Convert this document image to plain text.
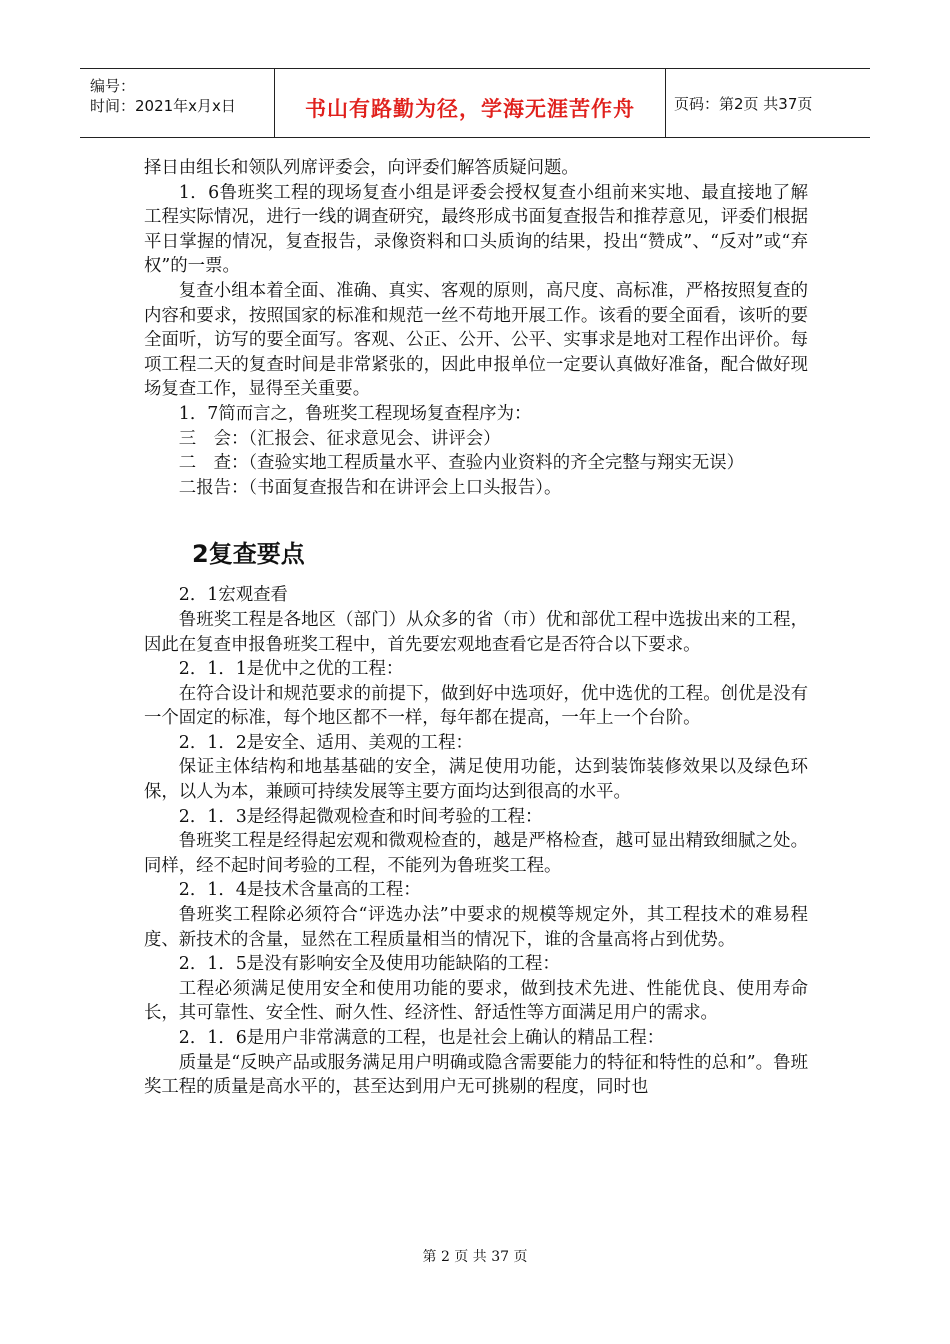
编号：
时间：2021年x月x日	书山有路勤为径，学海无涯苦作舟	页码：第2页 共37页

择日由组长和领队列席评委会，向评委们解答质疑问题。

1．6鲁班奖工程的现场复查小组是评委会授权复查小组前来实地、最直接地了解工程实际情况，进行一线的调查研究，最终形成书面复查报告和推荐意见，评委们根据平日掌握的情况，复查报告，录像资料和口头质询的结果，投出“赞成”、“反对”或“弃权”的一票。

复查小组本着全面、准确、真实、客观的原则，高尺度、高标准，严格按照复查的内容和要求，按照国家的标准和规范一丝不苟地开展工作。该看的要全面看，该听的要全面听，访写的要全面写。客观、公正、公开、公平、实事求是地对工程作出评价。每项工程二天的复查时间是非常紧张的，因此申报单位一定要认真做好准备，配合做好现场复查工作，显得至关重要。

1．7简而言之，鲁班奖工程现场复查程序为：

三　会：（汇报会、征求意见会、讲评会）

二　查：（查验实地工程质量水平、查验内业资料的齐全完整与翔实无误）

二报告：（书面复查报告和在讲评会上口头报告）。

2复查要点

2．1宏观查看

鲁班奖工程是各地区（部门）从众多的省（市）优和部优工程中选拔出来的工程，因此在复查申报鲁班奖工程中，首先要宏观地查看它是否符合以下要求。

2．1．1是优中之优的工程：

在符合设计和规范要求的前提下，做到好中选项好，优中选优的工程。创优是没有一个固定的标准，每个地区都不一样，每年都在提高，一年上一个台阶。

2．1．2是安全、适用、美观的工程：

保证主体结构和地基基础的安全，满足使用功能，达到装饰装修效果以及绿色环保，以人为本，兼顾可持续发展等主要方面均达到很高的水平。

2．1．3是经得起微观检查和时间考验的工程：

鲁班奖工程是经得起宏观和微观检查的，越是严格检查，越可显出精致细腻之处。同样，经不起时间考验的工程，不能列为鲁班奖工程。

2．1．4是技术含量高的工程：

鲁班奖工程除必须符合“评选办法”中要求的规模等规定外，其工程技术的难易程度、新技术的含量，显然在工程质量相当的情况下，谁的含量高将占到优势。

2．1．5是没有影响安全及使用功能缺陷的工程：

工程必须满足使用安全和使用功能的要求，做到技术先进、性能优良、使用寿命长，其可靠性、安全性、耐久性、经济性、舒适性等方面满足用户的需求。

2．1．6是用户非常满意的工程，也是社会上确认的精品工程：

质量是“反映产品或服务满足用户明确或隐含需要能力的特征和特性的总和”。鲁班奖工程的质量是高水平的，甚至达到用户无可挑剔的程度，同时也

第 2 页 共 37 页
